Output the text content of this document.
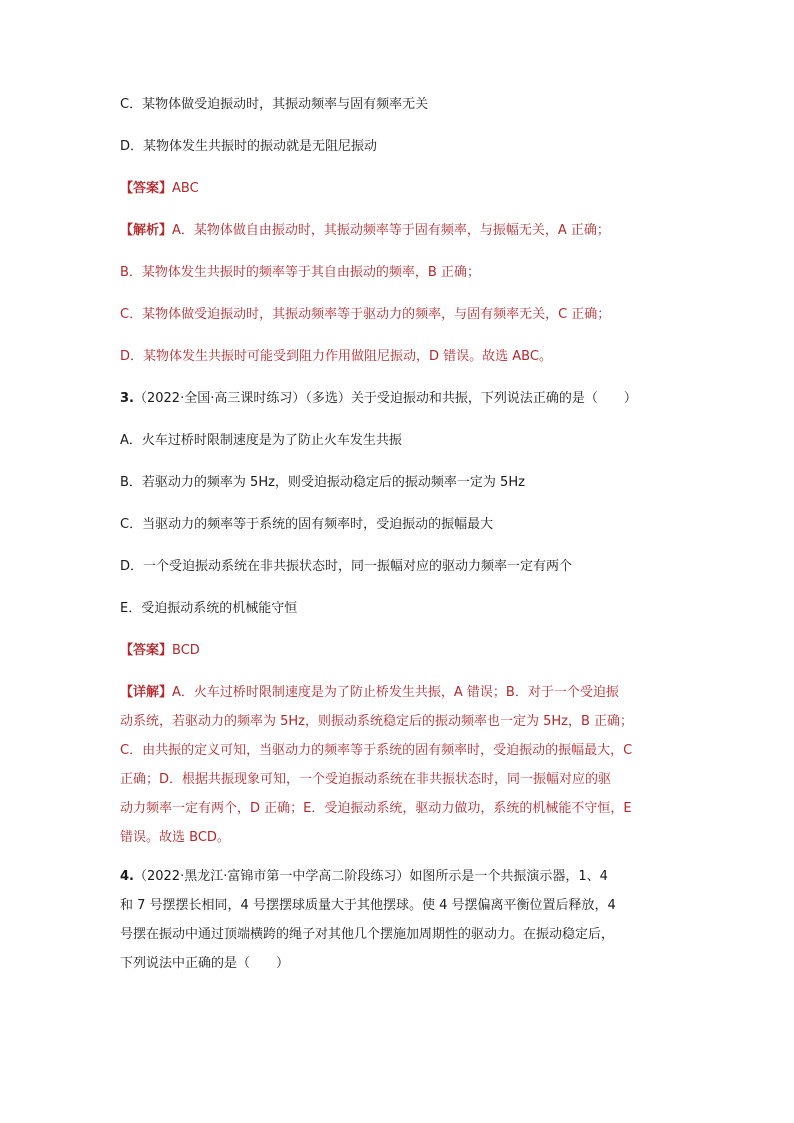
C．某物体做受迫振动时，其振动频率与固有频率无关
D．某物体发生共振时的振动就是无阻尼振动
【答案】ABC
【解析】A．某物体做自由振动时，其振动频率等于固有频率，与振幅无关，A 正确；
B．某物体发生共振时的频率等于其自由振动的频率，B 正确；
C．某物体做受迫振动时，其振动频率等于驱动力的频率，与固有频率无关，C 正确；
D．某物体发生共振时可能受到阻力作用做阻尼振动，D 错误。故选 ABC。
3.（2022·全国·高三课时练习）（多选）关于受迫振动和共振，下列说法正确的是（　　）
A．火车过桥时限制速度是为了防止火车发生共振
B．若驱动力的频率为 5Hz，则受迫振动稳定后的振动频率一定为 5Hz
C．当驱动力的频率等于系统的固有频率时，受迫振动的振幅最大
D．一个受迫振动系统在非共振状态时，同一振幅对应的驱动力频率一定有两个
E．受迫振动系统的机械能守恒
【答案】BCD
【详解】A．火车过桥时限制速度是为了防止桥发生共振，A 错误；B．对于一个受迫振
动系统，若驱动力的频率为 5Hz，则振动系统稳定后的振动频率也一定为 5Hz，B 正确；
C．由共振的定义可知，当驱动力的频率等于系统的固有频率时，受迫振动的振幅最大，C
正确；D．根据共振现象可知，一个受迫振动系统在非共振状态时，同一振幅对应的驱
动力频率一定有两个，D 正确；E．受迫振动系统，驱动力做功，系统的机械能不守恒，E
错误。故选 BCD。
4.（2022·黑龙江·富锦市第一中学高二阶段练习）如图所示是一个共振演示器，1、4
和 7 号摆摆长相同，4 号摆摆球质量大于其他摆球。使 4 号摆偏离平衡位置后释放，4
号摆在振动中通过顶端横跨的绳子对其他几个摆施加周期性的驱动力。在振动稳定后，
下列说法中正确的是（　　）
